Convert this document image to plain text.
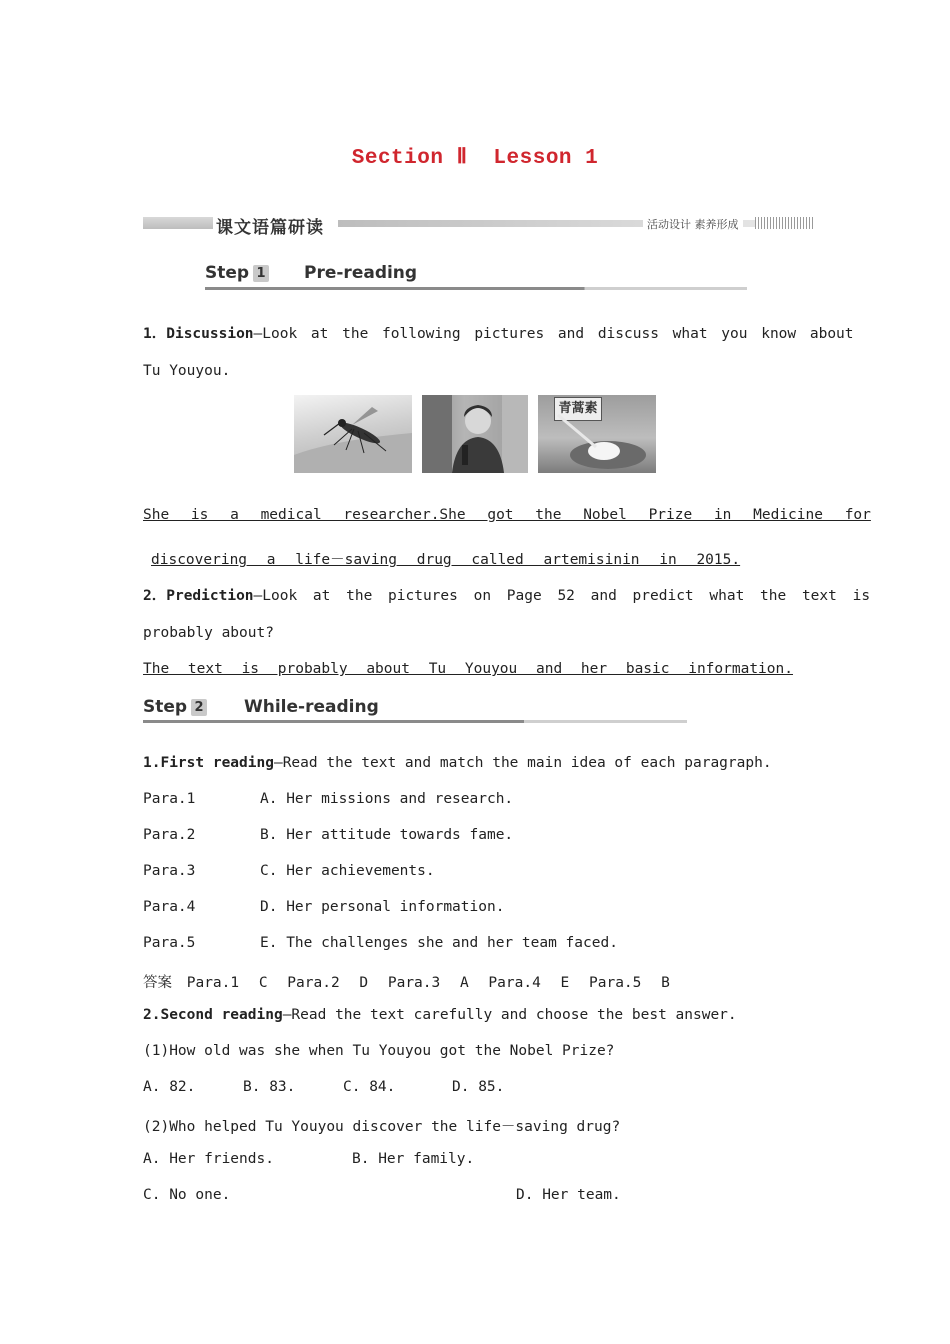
Section Ⅱ Lesson 1
课文语篇研读	活动设计 素养形成
Step 1 Pre-reading
1．Discussion—Look at the following pictures and discuss what you know about
Tu Youyou.
青蒿素
She is a medical researcher.She got the Nobel Prize in Medicine for
discovering a life－saving drug called artemisinin in 2015.
2．Prediction—Look at the pictures on Page 52 and predict what the text is
probably about?
The text is probably about Tu Youyou and her basic information.
Step 2 While-reading
1.First reading—Read the text and match the main idea of each paragraph.
Para.1	A. Her missions and research.
Para.2	B. Her attitude towards fame.
Para.3	C. Her achievements.
Para.4	D. Her personal information.
Para.5	E. The challenges she and her team faced.
答案 Para.1 C Para.2 D Para.3 A Para.4 E Para.5 B
2.Second reading—Read the text carefully and choose the best answer.
(1)How old was she when Tu Youyou got the Nobel Prize?
A. 82.	B. 83.	C. 84.	D. 85.
(2)Who helped Tu Youyou discover the life－saving drug?
A. Her friends.	B. Her family.
C. No one.	D. Her team.
